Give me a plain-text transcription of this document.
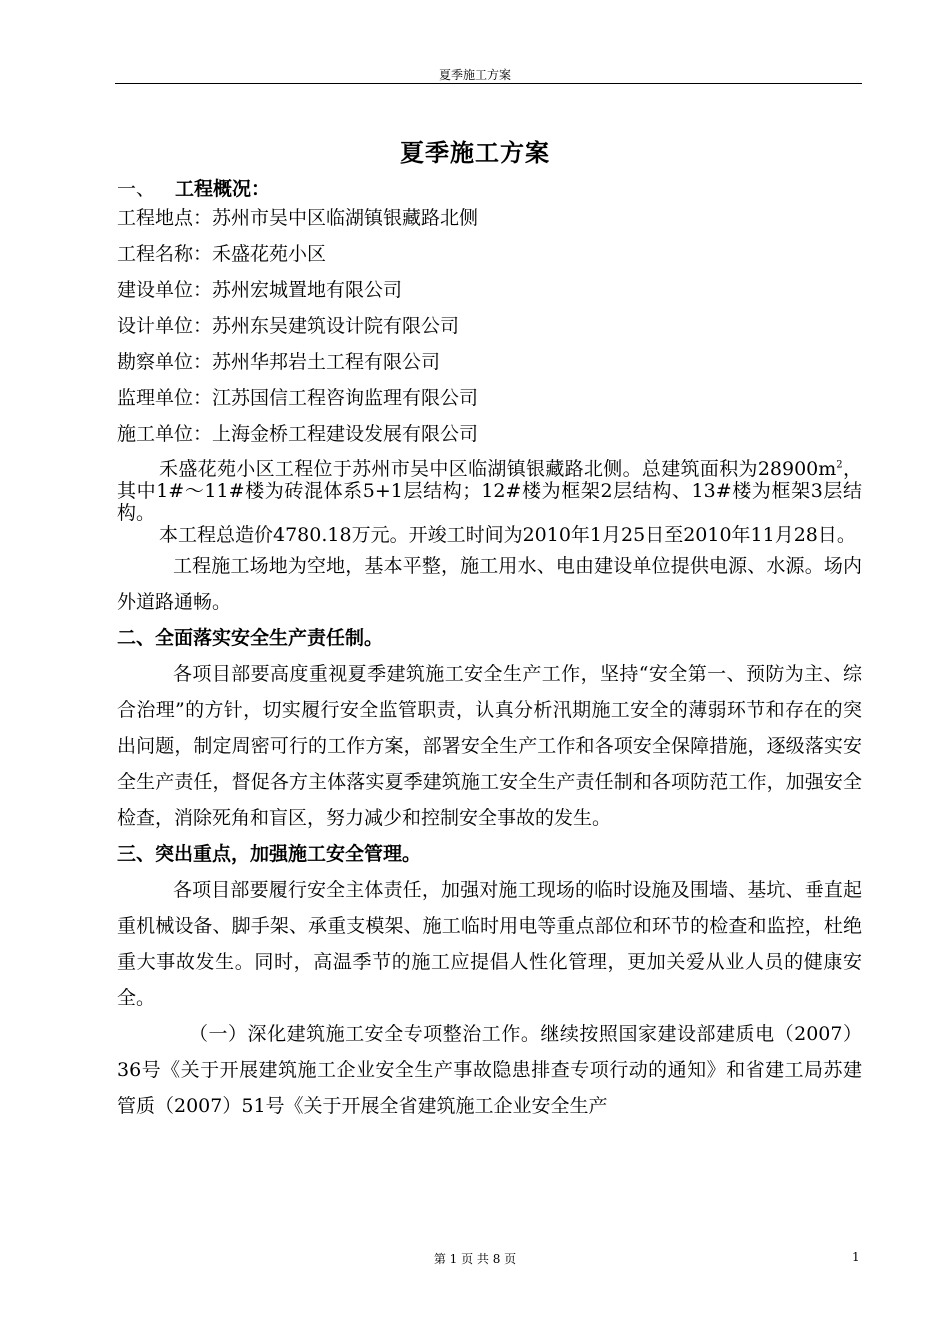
夏季施工方案
夏季施工方案
一、 工程概况：
工程地点：苏州市吴中区临湖镇银藏路北侧
工程名称：禾盛花苑小区
建设单位：苏州宏城置地有限公司
设计单位：苏州东吴建筑设计院有限公司
勘察单位：苏州华邦岩土工程有限公司
监理单位：江苏国信工程咨询监理有限公司
施工单位：上海金桥工程建设发展有限公司

禾盛花苑小区工程位于苏州市吴中区临湖镇银藏路北侧。总建筑面积为$28900m^2$，其中1#～11#楼为砖混体系5+1层结构；12#楼为框架2层结构、13#楼为框架3层结构。

本工程总造价4780.18万元。开竣工时间为2010年1月25日至2010年11月28日。

工程施工场地为空地，基本平整，施工用水、电由建设单位提供电源、水源。场内外道路通畅。

二、全面落实安全生产责任制。

各项目部要高度重视夏季建筑施工安全生产工作，坚持“安全第一、预防为主、综合治理”的方针，切实履行安全监管职责，认真分析汛期施工安全的薄弱环节和存在的突出问题，制定周密可行的工作方案，部署安全生产工作和各项安全保障措施，逐级落实安全生产责任，督促各方主体落实夏季建筑施工安全生产责任制和各项防范工作，加强安全检查，消除死角和盲区，努力减少和控制安全事故的发生。

三、突出重点，加强施工安全管理。

各项目部要履行安全主体责任，加强对施工现场的临时设施及围墙、基坑、垂直起重机械设备、脚手架、承重支模架、施工临时用电等重点部位和环节的检查和监控，杜绝重大事故发生。同时，高温季节的施工应提倡人性化管理，更加关爱从业人员的健康安全。

（一）深化建筑施工安全专项整治工作。继续按照国家建设部建质电（2007）36号《关于开展建筑施工企业安全生产事故隐患排查专项行动的通知》和省建工局苏建管质（2007）51号《关于开展全省建筑施工企业安全生产

第 1 页 共 8 页	1
